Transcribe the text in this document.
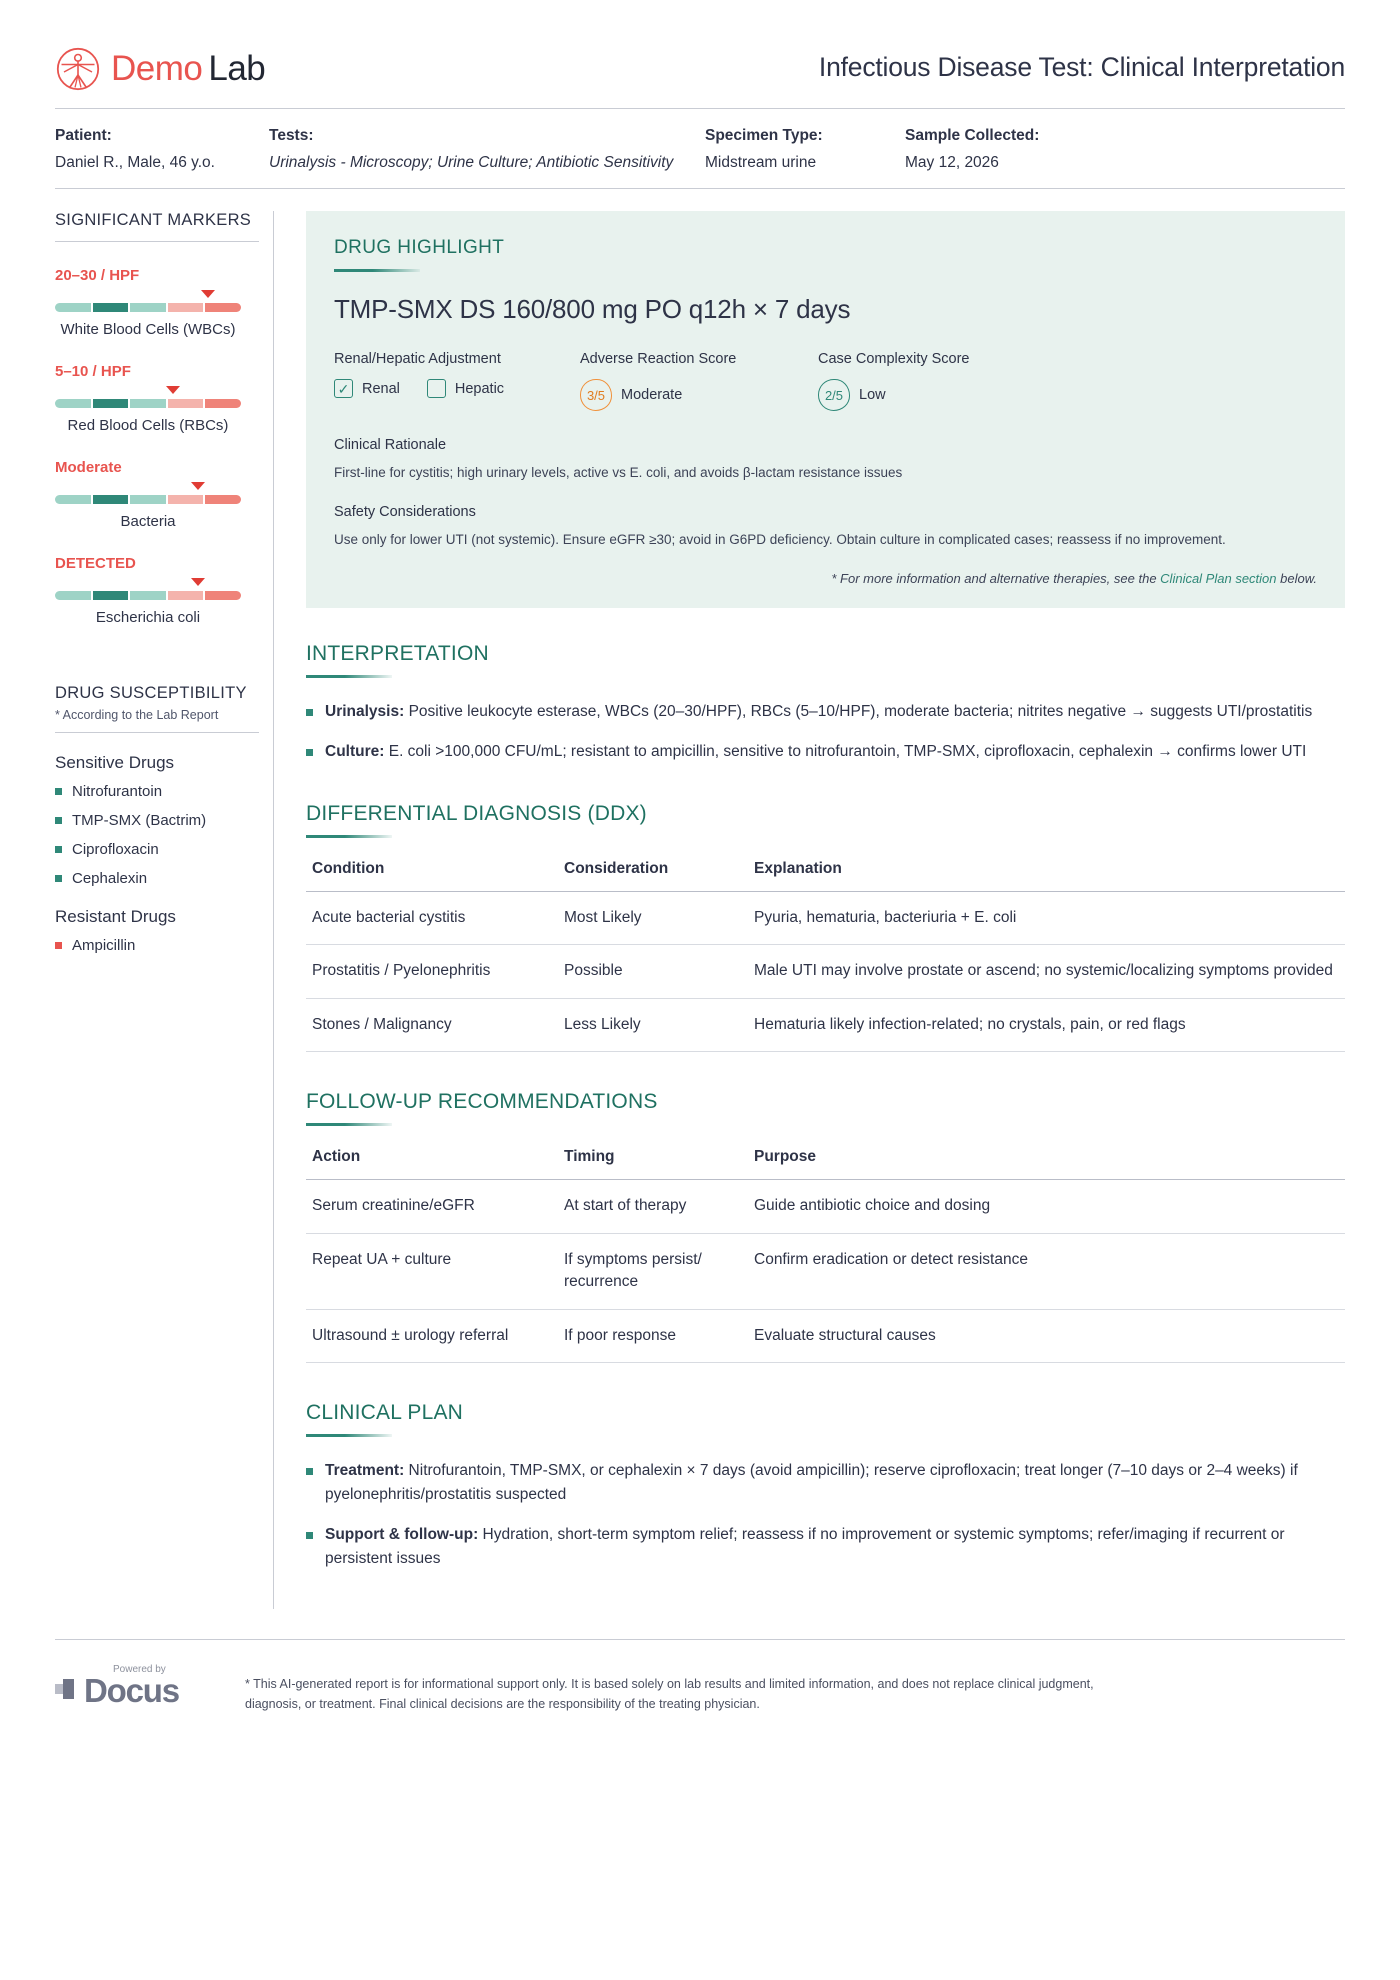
Demo Lab	Infectious Disease Test: Clinical Interpretation
Patient:
Daniel R., Male, 46 y.o.
Tests:
Urinalysis - Microscopy; Urine Culture; Antibiotic Sensitivity
Specimen Type:
Midstream urine
Sample Collected:
May 12, 2026
SIGNIFICANT MARKERS
20–30 / HPF
White Blood Cells (WBCs)
5–10 / HPF
Red Blood Cells (RBCs)
Moderate
Bacteria
DETECTED
Escherichia coli
DRUG SUSCEPTIBILITY
* According to the Lab Report
Sensitive Drugs
Nitrofurantoin
TMP-SMX (Bactrim)
Ciprofloxacin
Cephalexin
Resistant Drugs
Ampicillin
DRUG HIGHLIGHT
TMP-SMX DS 160/800 mg PO q12h × 7 days
Renal/Hepatic Adjustment
✓ Renal	Hepatic
Adverse Reaction Score
3/5	Moderate
Case Complexity Score
2/5	Low
Clinical Rationale
First-line for cystitis; high urinary levels, active vs E. coli, and avoids β-lactam resistance issues
Safety Considerations
Use only for lower UTI (not systemic). Ensure eGFR ≥30; avoid in G6PD deficiency. Obtain culture in complicated cases; reassess if no improvement.
* For more information and alternative therapies, see the Clinical Plan section below.
INTERPRETATION
Urinalysis: Positive leukocyte esterase, WBCs (20–30/HPF), RBCs (5–10/HPF), moderate bacteria; nitrites negative → suggests UTI/prostatitis
Culture: E. coli >100,000 CFU/mL; resistant to ampicillin, sensitive to nitrofurantoin, TMP-SMX, ciprofloxacin, cephalexin → confirms lower UTI
DIFFERENTIAL DIAGNOSIS (DDX)
Condition	Consideration	Explanation
Acute bacterial cystitis	Most Likely	Pyuria, hematuria, bacteriuria + E. coli
Prostatitis / Pyelonephritis	Possible	Male UTI may involve prostate or ascend; no systemic/localizing symptoms provided
Stones / Malignancy	Less Likely	Hematuria likely infection-related; no crystals, pain, or red flags
FOLLOW-UP RECOMMENDATIONS
Action	Timing	Purpose
Serum creatinine/eGFR	At start of therapy	Guide antibiotic choice and dosing
Repeat UA + culture	If symptoms persist/ recurrence	Confirm eradication or detect resistance
Ultrasound ± urology referral	If poor response	Evaluate structural causes
CLINICAL PLAN
Treatment: Nitrofurantoin, TMP-SMX, or cephalexin × 7 days (avoid ampicillin); reserve ciprofloxacin; treat longer (7–10 days or 2–4 weeks) if pyelonephritis/prostatitis suspected
Support & follow-up: Hydration, short-term symptom relief; reassess if no improvement or systemic symptoms; refer/imaging if recurrent or persistent issues
Powered by
Docus	* This AI-generated report is for informational support only. It is based solely on lab results and limited information, and does not replace clinical judgment, diagnosis, or treatment. Final clinical decisions are the responsibility of the treating physician.
